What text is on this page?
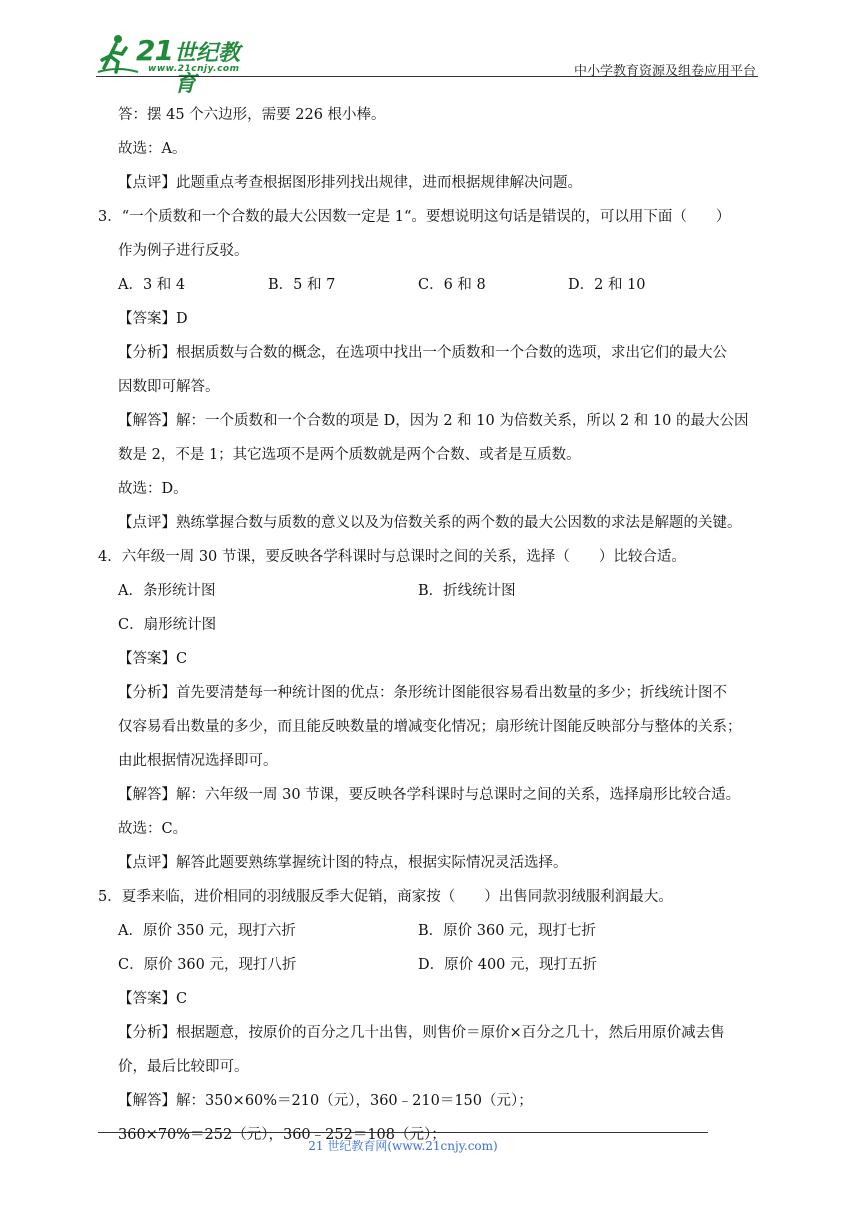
21 世纪教育
www.21cnjy.com	中小学教育资源及组卷应用平台
答：摆 45 个六边形，需要 226 根小棒。
故选：A。
【点评】此题重点考查根据图形排列找出规律，进而根据规律解决问题。
3．“一个质数和一个合数的最大公因数一定是 1“。要想说明这句话是错误的，可以用下面（　　）
作为例子进行反驳。
A．3 和 4	B．5 和 7	C．6 和 8	D．2 和 10
【答案】D
【分析】根据质数与合数的概念，在选项中找出一个质数和一个合数的选项，求出它们的最大公
因数即可解答。
【解答】解：一个质数和一个合数的项是 D，因为 2 和 10 为倍数关系，所以 2 和 10 的最大公因
数是 2，不是 1；其它选项不是两个质数就是两个合数、或者是互质数。
故选：D。
【点评】熟练掌握合数与质数的意义以及为倍数关系的两个数的最大公因数的求法是解题的关键。
4．六年级一周 30 节课，要反映各学科课时与总课时之间的关系，选择（　　）比较合适。
A．条形统计图	B．折线统计图
C．扇形统计图
【答案】C
【分析】首先要清楚每一种统计图的优点：条形统计图能很容易看出数量的多少；折线统计图不
仅容易看出数量的多少，而且能反映数量的增减变化情况；扇形统计图能反映部分与整体的关系；
由此根据情况选择即可。
【解答】解：六年级一周 30 节课，要反映各学科课时与总课时之间的关系，选择扇形比较合适。
故选：C。
【点评】解答此题要熟练掌握统计图的特点，根据实际情况灵活选择。
5．夏季来临，进价相同的羽绒服反季大促销，商家按（　　）出售同款羽绒服利润最大。
A．原价 350 元，现打六折	B．原价 360 元，现打七折
C．原价 360 元，现打八折	D．原价 400 元，现打五折
【答案】C
【分析】根据题意，按原价的百分之几十出售，则售价＝原价×百分之几十，然后用原价减去售
价，最后比较即可。
【解答】解：350×60%＝210（元），360﹣210＝150（元）；
360×70%＝252（元），360﹣252＝108（元）；
21 世纪教育网(www.21cnjy.com)
